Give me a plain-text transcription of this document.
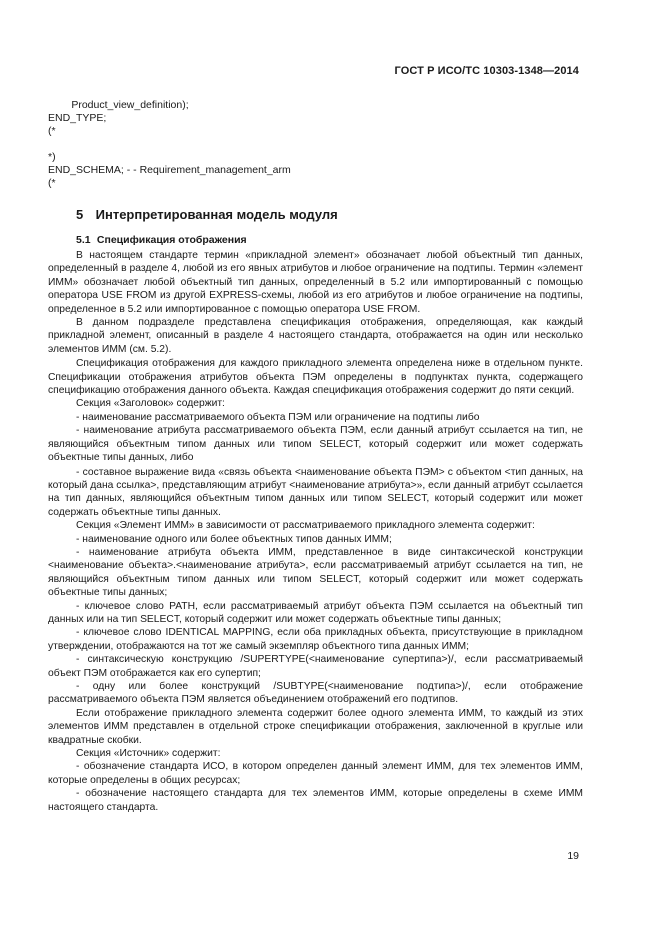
ГОСТ Р ИСО/ТС 10303-1348—2014
Product_view_definition);
END_TYPE;
(*

*)
END_SCHEMA; - - Requirement_management_arm
(*
5 Интерпретированная модель модуля
5.1 Спецификация отображения

В настоящем стандарте термин «прикладной элемент» обозначает любой объектный тип данных, определенный в разделе 4, любой из его явных атрибутов и любое ограничение на подтипы. Термин «элемент ИММ» обозначает любой объектный тип данных, определенный в 5.2 или импортированный с помощью оператора USE FROM из другой EXPRESS-схемы, любой из его атрибутов и любое ограничение на подтипы, определенное в 5.2 или импортированное с помощью оператора USE FROM.

В данном подразделе представлена спецификация отображения, определяющая, как каждый прикладной элемент, описанный в разделе 4 настоящего стандарта, отображается на один или несколько элементов ИММ (см. 5.2).

Спецификация отображения для каждого прикладного элемента определена ниже в отдельном пункте. Спецификации отображения атрибутов объекта ПЭМ определены в подпунктах пункта, содержащего спецификацию отображения данного объекта. Каждая спецификация отображения содержит до пяти секций.

Секция «Заголовок» содержит:

- наименование рассматриваемого объекта ПЭМ или ограничение на подтипы либо

- наименование атрибута рассматриваемого объекта ПЭМ, если данный атрибут ссылается на тип, не являющийся объектным типом данных или типом SELECT, который содержит или может содержать объектные типы данных, либо

- составное выражение вида «связь объекта <наименование объекта ПЭМ> с объектом <тип данных, на который дана ссылка>, представляющим атрибут <наименование атрибута>», если данный атрибут ссылается на тип данных, являющийся объектным типом данных или типом SELECT, который содержит или может содержать объектные типы данных.

Секция «Элемент ИММ» в зависимости от рассматриваемого прикладного элемента содержит:

- наименование одного или более объектных типов данных ИММ;

- наименование атрибута объекта ИММ, представленное в виде синтаксической конструкции <наименование объекта>.<наименование атрибута>, если рассматриваемый атрибут ссылается на тип, не являющийся объектным типом данных или типом SELECT, который содержит или может содержать объектные типы данных;

- ключевое слово PATH, если рассматриваемый атрибут объекта ПЭМ ссылается на объектный тип данных или на тип SELECT, который содержит или может содержать объектные типы данных;

- ключевое слово IDENTICAL MAPPING, если оба прикладных объекта, присутствующие в прикладном утверждении, отображаются на тот же самый экземпляр объектного типа данных ИММ;

- синтаксическую конструкцию /SUPERTYPE(<наименование супертипа>)/, если рассматриваемый объект ПЭМ отображается как его супертип;

- одну или более конструкций /SUBTYPE(<наименование подтипа>)/, если отображение рассматриваемого объекта ПЭМ является объединением отображений его подтипов.

Если отображение прикладного элемента содержит более одного элемента ИММ, то каждый из этих элементов ИММ представлен в отдельной строке спецификации отображения, заключенной в круглые или квадратные скобки.

Секция «Источник» содержит:

- обозначение стандарта ИСО, в котором определен данный элемент ИММ, для тех элементов ИММ, которые определены в общих ресурсах;

- обозначение настоящего стандарта для тех элементов ИММ, которые определены в схеме ИММ настоящего стандарта.

19
